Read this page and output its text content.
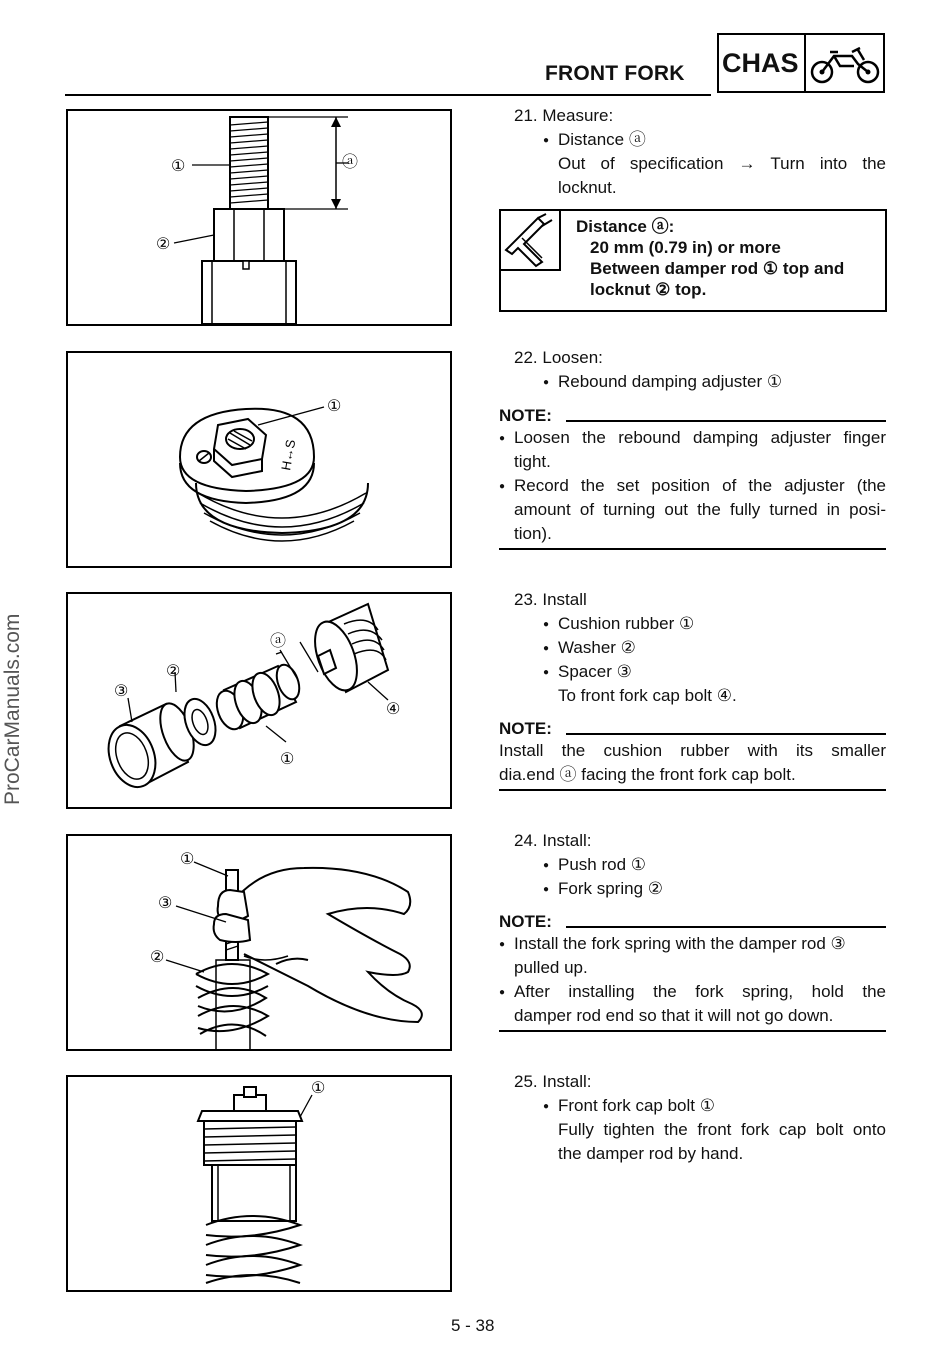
FRONT FORK CHAS
ProCarManuals.com
①
②
ⓐ
21. Measure:
● Distance ⓐ
Out of specification → Turn into the
locknut.
Distance ⓐ:
20 mm (0.79 in) or more
Between damper rod ① top and
locknut ② top.
H↔S
①
22. Loosen:
● Rebound damping adjuster ①
NOTE:
● Loosen the rebound damping adjuster finger
tight.
● Record the set position of the adjuster (the
amount of turning out the fully turned in posi-
tion).
ⓐ
②
③
④
①
23. Install
● Cushion rubber ①
● Washer ②
● Spacer ③
To front fork cap bolt ④.
NOTE:
Install the cushion rubber with its smaller
dia.end ⓐ facing the front fork cap bolt.
①
③
②
24. Install:
● Push rod ①
● Fork spring ②
NOTE:
● Install the fork spring with the damper rod ③
pulled up.
● After installing the fork spring, hold the
damper rod end so that it will not go down.
①	25. Install:
● Front fork cap bolt ①
Fully tighten the front fork cap bolt onto
the damper rod by hand.
5 - 38
